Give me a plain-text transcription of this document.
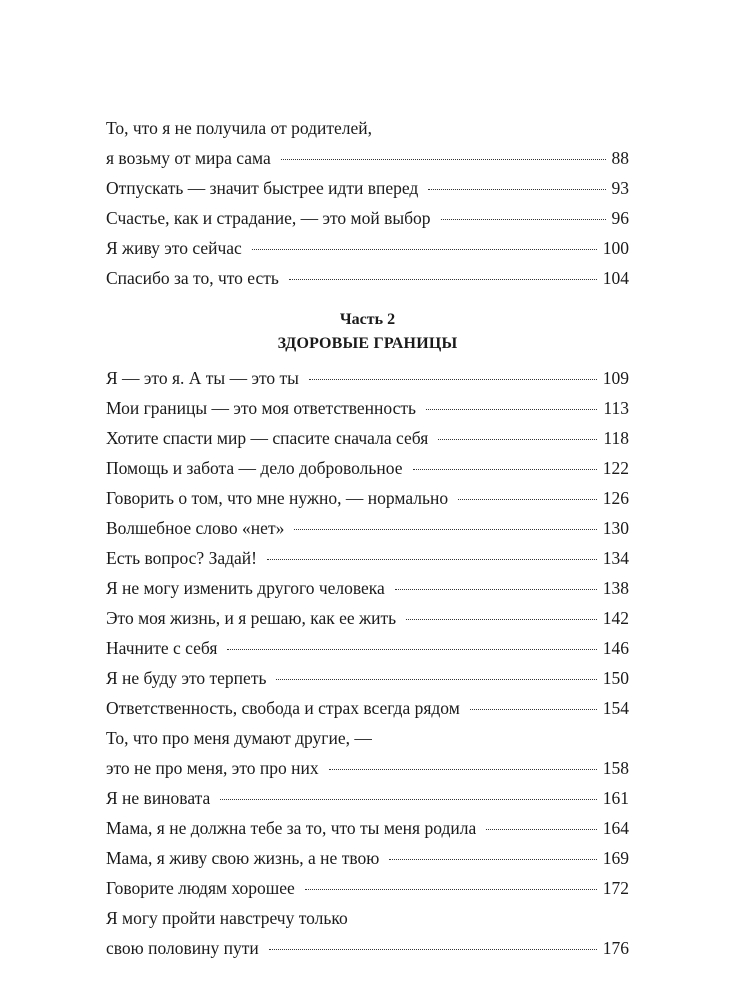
То, что я не получила от родителей,
я возьму от мира сама	88
Отпускать — значит быстрее идти вперед	93
Счастье, как и страдание, — это мой выбор	96
Я живу это сейчас	100
Спасибо за то, что есть	104
Часть 2
ЗДОРОВЫЕ ГРАНИЦЫ
Я — это я. А ты — это ты	109
Мои границы — это моя ответственность	113
Хотите спасти мир — спасите сначала себя	118
Помощь и забота — дело добровольное	122
Говорить о том, что мне нужно, — нормально	126
Волшебное слово «нет»	130
Есть вопрос? Задай!	134
Я не могу изменить другого человека	138
Это моя жизнь, и я решаю, как ее жить	142
Начните с себя	146
Я не буду это терпеть	150
Ответственность, свобода и страх всегда рядом	154
То, что про меня думают другие, —
это не про меня, это про них	158
Я не виновата	161
Мама, я не должна тебе за то, что ты меня родила	164
Мама, я живу свою жизнь, а не твою	169
Говорите людям хорошее	172
Я могу пройти навстречу только
свою половину пути	176
